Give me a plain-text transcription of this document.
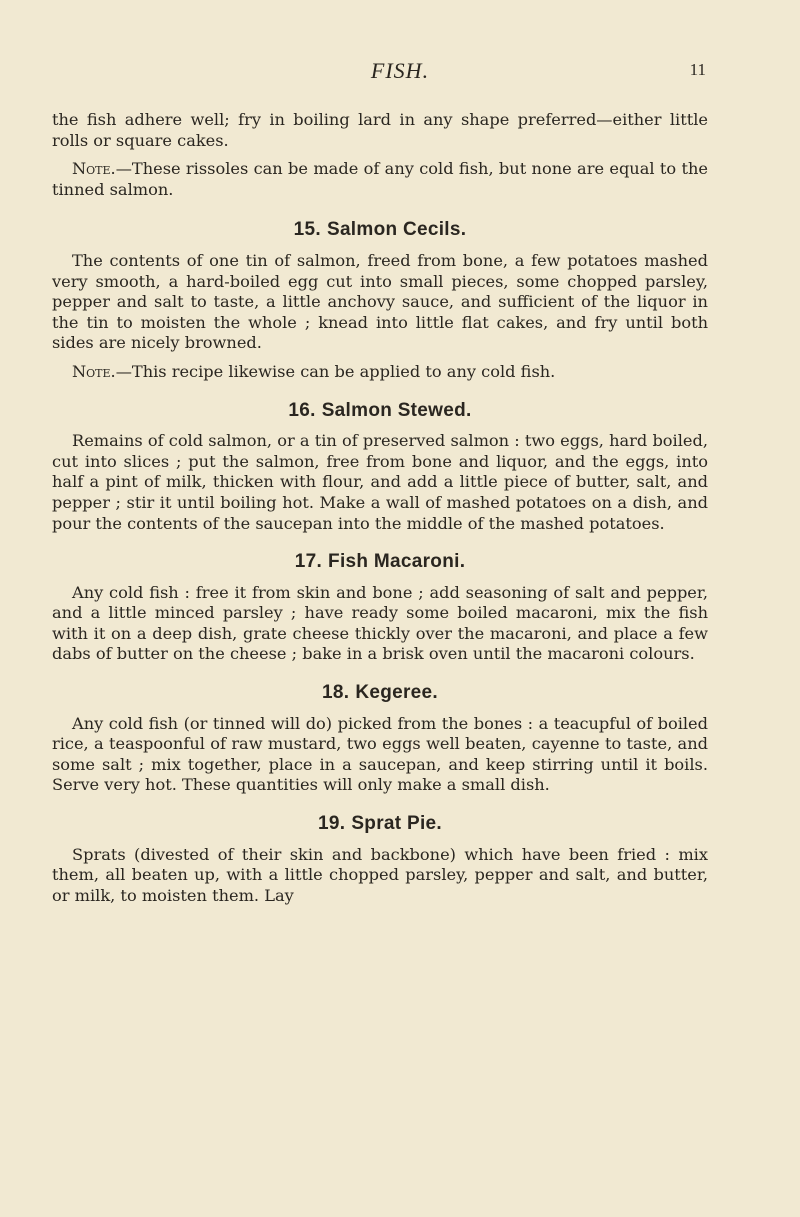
FISH.	11

the fish adhere well; fry in boiling lard in any shape preferred—either little rolls or square cakes.

Note.—These rissoles can be made of any cold fish, but none are equal to the tinned salmon.

15. Salmon Cecils.

The contents of one tin of salmon, freed from bone, a few potatoes mashed very smooth, a hard-boiled egg cut into small pieces, some chopped parsley, pepper and salt to taste, a little anchovy sauce, and sufficient of the liquor in the tin to moisten the whole ; knead into little flat cakes, and fry until both sides are nicely browned.

Note.—This recipe likewise can be applied to any cold fish.

16. Salmon Stewed.

Remains of cold salmon, or a tin of preserved salmon : two eggs, hard boiled, cut into slices ; put the salmon, free from bone and liquor, and the eggs, into half a pint of milk, thicken with flour, and add a little piece of butter, salt, and pepper ; stir it until boiling hot. Make a wall of mashed potatoes on a dish, and pour the contents of the saucepan into the middle of the mashed potatoes.

17. Fish Macaroni.

Any cold fish : free it from skin and bone ; add seasoning of salt and pepper, and a little minced parsley ; have ready some boiled macaroni, mix the fish with it on a deep dish, grate cheese thickly over the macaroni, and place a few dabs of butter on the cheese ; bake in a brisk oven until the macaroni colours.

18. Kegeree.

Any cold fish (or tinned will do) picked from the bones : a teacupful of boiled rice, a teaspoonful of raw mustard, two eggs well beaten, cayenne to taste, and some salt ; mix together, place in a saucepan, and keep stirring until it boils. Serve very hot. These quantities will only make a small dish.

19. Sprat Pie.

Sprats (divested of their skin and backbone) which have been fried : mix them, all beaten up, with a little chopped parsley, pepper and salt, and butter, or milk, to moisten them. Lay
